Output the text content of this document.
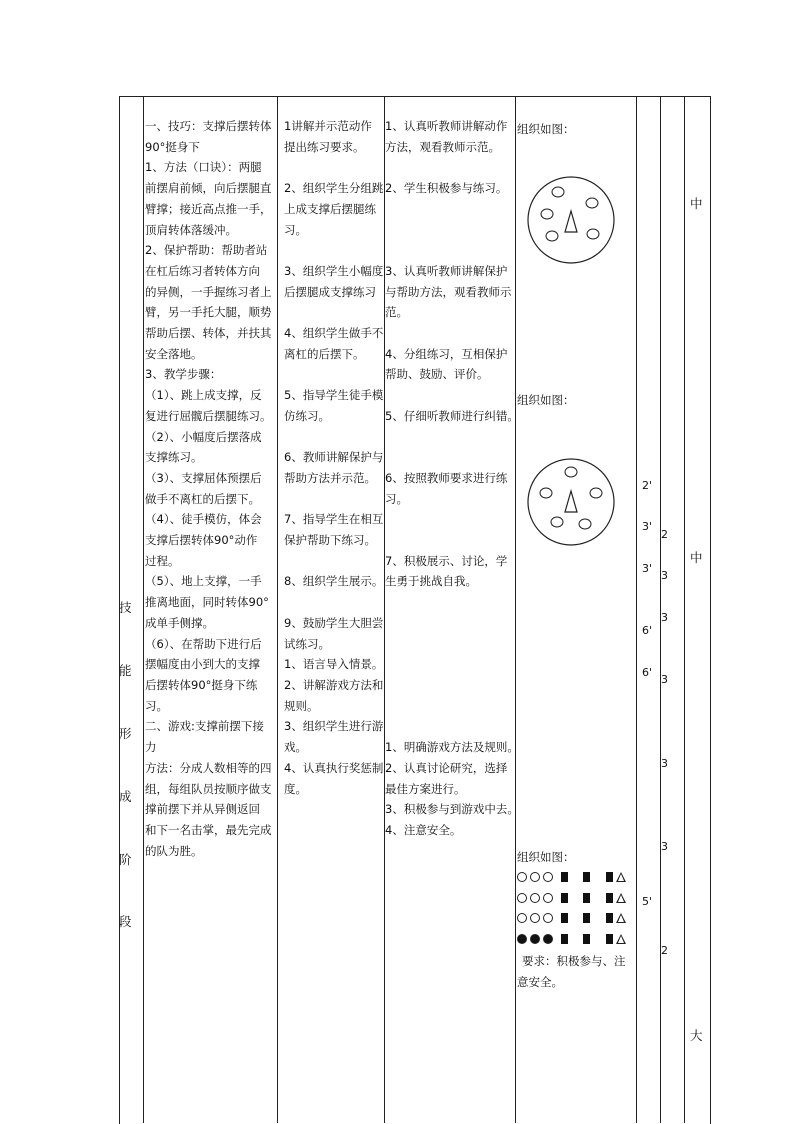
技
能
形
成
阶
段

一、技巧：支撑后摆转体

90°挺身下

1、方法（口诀）：两腿

前摆肩前倾，向后摆腿直

臂撑；接近高点推一手，

顶肩转体落缓冲。

2、保护帮助：帮助者站

在杠后练习者转体方向

的异侧，一手握练习者上

臂，另一手托大腿，顺势

帮助后摆、转体，并扶其

安全落地。

3、教学步骤：

（1）、跳上成支撑，反

复进行屈髋后摆腿练习。

（2）、小幅度后摆落成

支撑练习。

（3）、支撑屈体预摆后

做手不离杠的后摆下。

（4）、徒手模仿，体会

支撑后摆转体90°动作

过程。

（5）、地上支撑，一手

推离地面，同时转体90°

成单手侧撑。

（6）、在帮助下进行后

摆幅度由小到大的支撑

后摆转体90°挺身下练

习。

二、游戏:支撑前摆下接

力

方法：分成人数相等的四

组，每组队员按顺序做支

撑前摆下并从异侧返回

和下一名击掌，最先完成

的队为胜。

1讲解并示范动作

提出练习要求。

2、组织学生分组跳

上成支撑后摆腿练

习。

3、组织学生小幅度

后摆腿成支撑练习

4、组织学生做手不

离杠的后摆下。

5、指导学生徒手模

仿练习。

6、教师讲解保护与

帮助方法并示范。

7、指导学生在相互

保护帮助下练习。

8、组织学生展示。

9、鼓励学生大胆尝

试练习。

1、语言导入情景。

2、讲解游戏方法和

规则。

3、组织学生进行游

戏。

4、认真执行奖惩制

度。

1、认真听教师讲解动作

方法，观看教师示范。

2、学生积极参与练习。

3、认真听教师讲解保护

与帮助方法，观看教师示

范。

4、分组练习，互相保护

帮助、鼓励、评价。

5、仔细听教师进行纠错。

6、按照教师要求进行练

习。

7、积极展示、讨论，学

生勇于挑战自我。

1、明确游戏方法及规则。

2、认真讨论研究，选择

最佳方案进行。

3、积极参与到游戏中去。

4、注意安全。

组织如图：
组织如图：
组织如图：

要求：积极参与、注

意安全。

2'
3'
3'
6'
6'
5'
2
3
3
3
3
3
2
中
中
大
